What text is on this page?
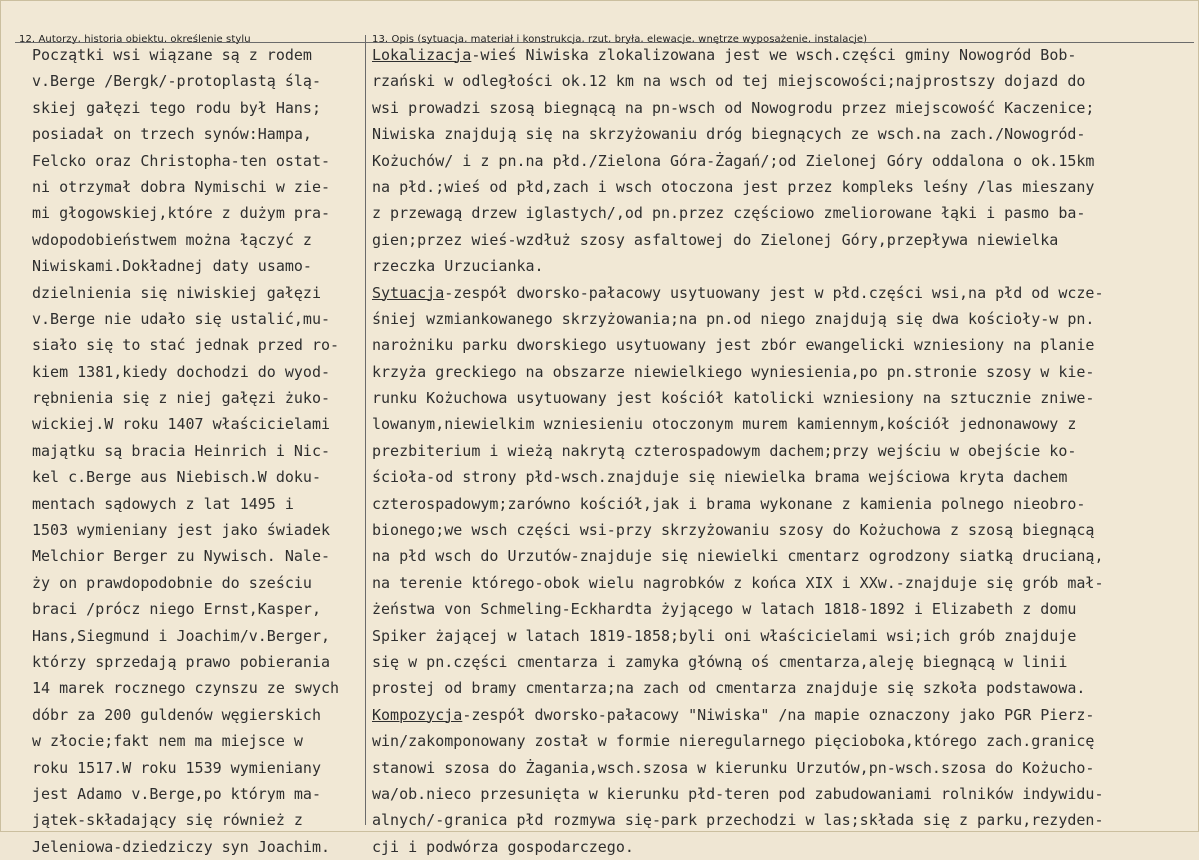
12. Autorzy, historia obiektu, określenie stylu	13. Opis (sytuacja, materiał i konstrukcja, rzut, bryła, elewacje, wnętrze wyposażenie, instalacje)
Początki wsi wiązane są z rodem
v.Berge /Bergk/-protoplastą ślą-
skiej gałęzi tego rodu był Hans;
posiadał on trzech synów:Hampa,
Felcko oraz Christopha-ten ostat-
ni otrzymał dobra Nymischi w zie-
mi głogowskiej,które z dużym pra-
wdopodobieństwem można łączyć z
Niwiskami.Dokładnej daty usamo-
dzielnienia się niwiskiej gałęzi
v.Berge nie udało się ustalić,mu-
siało się to stać jednak przed ro-
kiem 1381,kiedy dochodzi do wyod-
rębnienia się z niej gałęzi żuko-
wickiej.W roku 1407 właścicielami
majątku są bracia Heinrich i Nic-
kel c.Berge aus Niebisch.W doku-
mentach sądowych z lat 1495 i
1503 wymieniany jest jako świadek
Melchior Berger zu Nywisch. Nale-
ży on prawdopodobnie do sześciu
braci /prócz niego Ernst,Kasper,
Hans,Siegmund i Joachim/v.Berger,
którzy sprzedają prawo pobierania
14 marek rocznego czynszu ze swych
dóbr za 200 guldenów węgierskich
w złocie;fakt nem ma miejsce w
roku 1517.W roku 1539 wymieniany
jest Adamo v.Berge,po którym ma-
jątek-składający się również z
Jeleniowa-dziedziczy syn Joachim.
Lokalizacja-wieś Niwiska zlokalizowana jest we wsch.części gminy Nowogród Bob-
rzański w odległości ok.12 km na wsch od tej miejscowości;najprostszy dojazd do
wsi prowadzi szosą biegnącą na pn-wsch od Nowogrodu przez miejscowość Kaczenice;
Niwiska znajdują się na skrzyżowaniu dróg biegnących ze wsch.na zach./Nowogród-
Kożuchów/ i z pn.na płd./Zielona Góra-Żagań/;od Zielonej Góry oddalona o ok.15km
na płd.;wieś od płd,zach i wsch otoczona jest przez kompleks leśny /las mieszany
z przewagą drzew iglastych/,od pn.przez częściowo zmeliorowane łąki i pasmo ba-
gien;przez wieś-wzdłuż szosy asfaltowej do Zielonej Góry,przepływa niewielka
rzeczka Urzucianka.
Sytuacja-zespół dworsko-pałacowy usytuowany jest w płd.części wsi,na płd od wcze-
śniej wzmiankowanego skrzyżowania;na pn.od niego znajdują się dwa kościoły-w pn.
narożniku parku dworskiego usytuowany jest zbór ewangelicki wzniesiony na planie
krzyża greckiego na obszarze niewielkiego wyniesienia,po pn.stronie szosy w kie-
runku Kożuchowa usytuowany jest kościół katolicki wzniesiony na sztucznie zniwe-
lowanym,niewielkim wzniesieniu otoczonym murem kamiennym,kościół jednonawowy z
prezbiterium i wieżą nakrytą czterospadowym dachem;przy wejściu w obejście ko-
ścioła-od strony płd-wsch.znajduje się niewielka brama wejściowa kryta dachem
czterospadowym;zarówno kościół,jak i brama wykonane z kamienia polnego nieobro-
bionego;we wsch części wsi-przy skrzyżowaniu szosy do Kożuchowa z szosą biegnącą
na płd wsch do Urzutów-znajduje się niewielki cmentarz ogrodzony siatką drucianą,
na terenie którego-obok wielu nagrobków z końca XIX i XXw.-znajduje się grób mał-
żeństwa von Schmeling-Eckhardta żyjącego w latach 1818-1892 i Elizabeth z domu
Spiker żającej w latach 1819-1858;byli oni właścicielami wsi;ich grób znajduje
się w pn.części cmentarza i zamyka główną oś cmentarza,aleję biegnącą w linii
prostej od bramy cmentarza;na zach od cmentarza znajduje się szkoła podstawowa.
Kompozycja-zespół dworsko-pałacowy "Niwiska" /na mapie oznaczony jako PGR Pierz-
win/zakomponowany został w formie nieregularnego pięcioboka,którego zach.granicę
stanowi szosa do Żagania,wsch.szosa w kierunku Urzutów,pn-wsch.szosa do Kożucho-
wa/ob.nieco przesunięta w kierunku płd-teren pod zabudowaniami rolników indywidu-
alnych/-granica płd rozmywa się-park przechodzi w las;składa się z parku,rezyden-
cji i podwórza gospodarczego.
